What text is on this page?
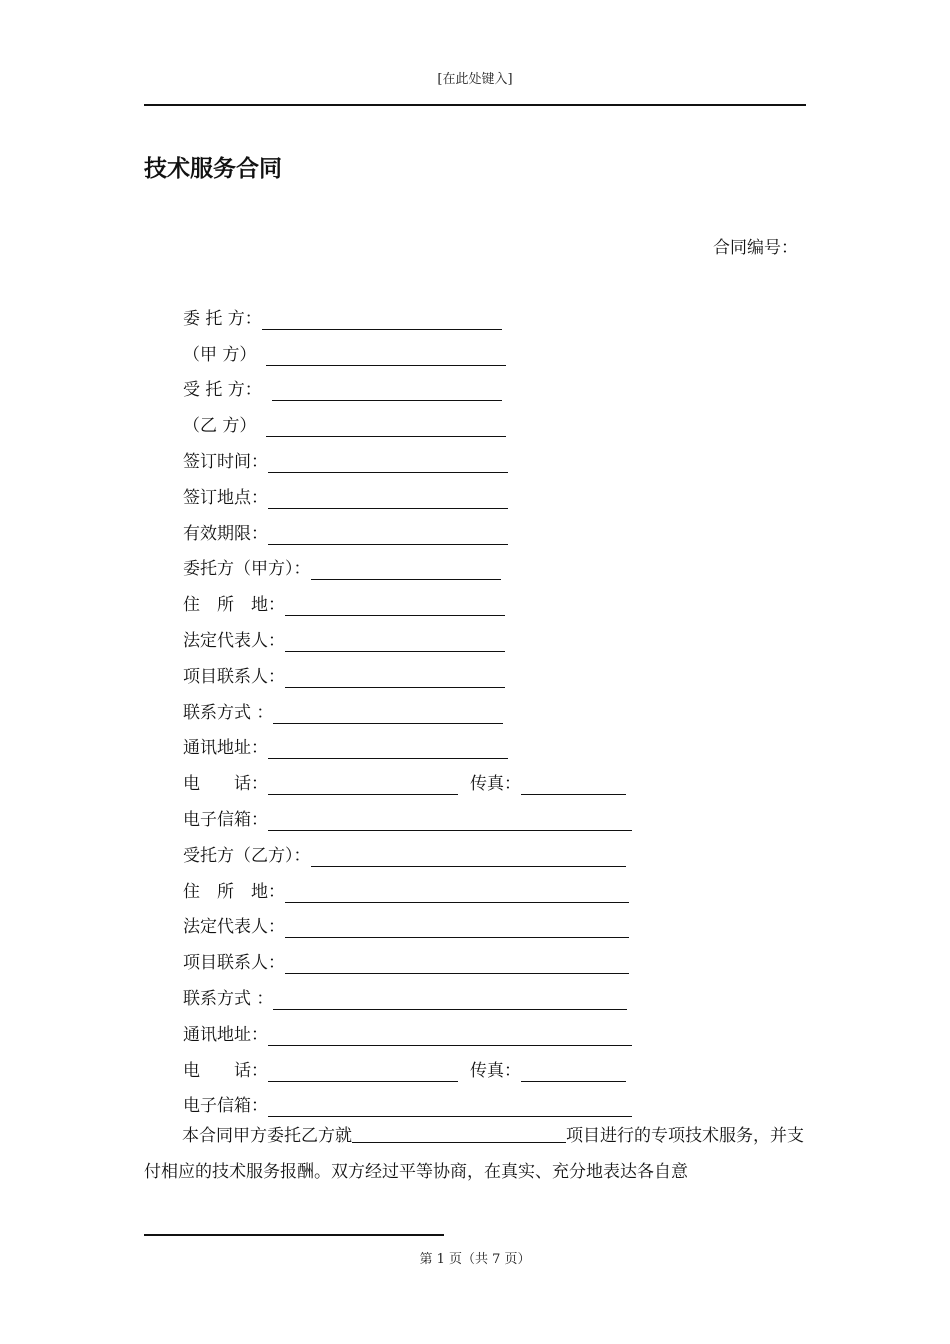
[在此处键入]
技术服务合同
合同编号：
委 托 方：
（甲 方）
受 托 方：
（乙 方）
签订时间：
签订地点：
有效期限：
委托方（甲方）：
住　所　地：
法定代表人：
项目联系人：
联系方式 ：
通讯地址：
电　　话：	传真：
电子信箱：
受托方（乙方）：
住　所　地：
法定代表人：
项目联系人：
联系方式 ：
通讯地址：
电　　话：	传真：
电子信箱：

本合同甲方委托乙方就	项目进行的专项技术服务，并支付相应的技术服务报酬。双方经过平等协商，在真实、充分地表达各自意

第 1 页（共 7 页）
